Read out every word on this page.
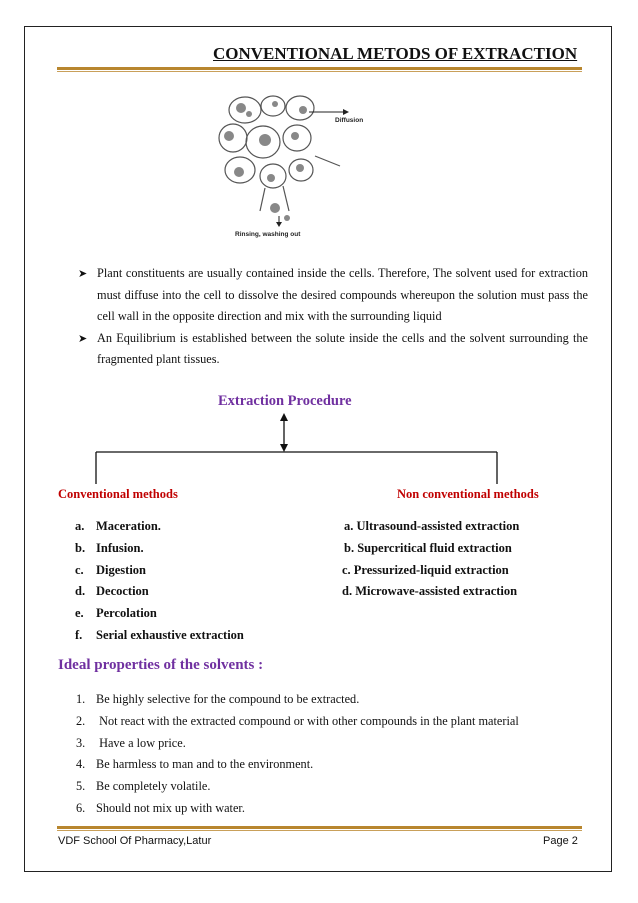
CONVENTIONAL METODS OF EXTRACTION
Diffusion
Rinsing, washing out
➤ Plant constituents are usually contained inside the cells. Therefore, The solvent used for extraction must diffuse into the cell to dissolve the desired compounds whereupon the solution must pass the cell wall in the opposite direction and mix with the surrounding liquid
➤ An Equilibrium is established between the solute inside the cells and the solvent surrounding the fragmented plant tissues.
Extraction Procedure
Conventional methods	Non conventional methods
a. Maceration.
b. Infusion.
c. Digestion
d. Decoction
e. Percolation
f. Serial exhaustive extraction
a. Ultrasound-assisted extraction
b. Supercritical fluid extraction
c. Pressurized-liquid extraction
d. Microwave-assisted extraction
Ideal properties of the solvents :
1. Be highly selective for the compound to be extracted.
2. Not react with the extracted compound or with other compounds in the plant material
3. Have a low price.
4. Be harmless to man and to the environment.
5. Be completely volatile.
6. Should not mix up with water.
VDF School Of Pharmacy,Latur	Page 2
